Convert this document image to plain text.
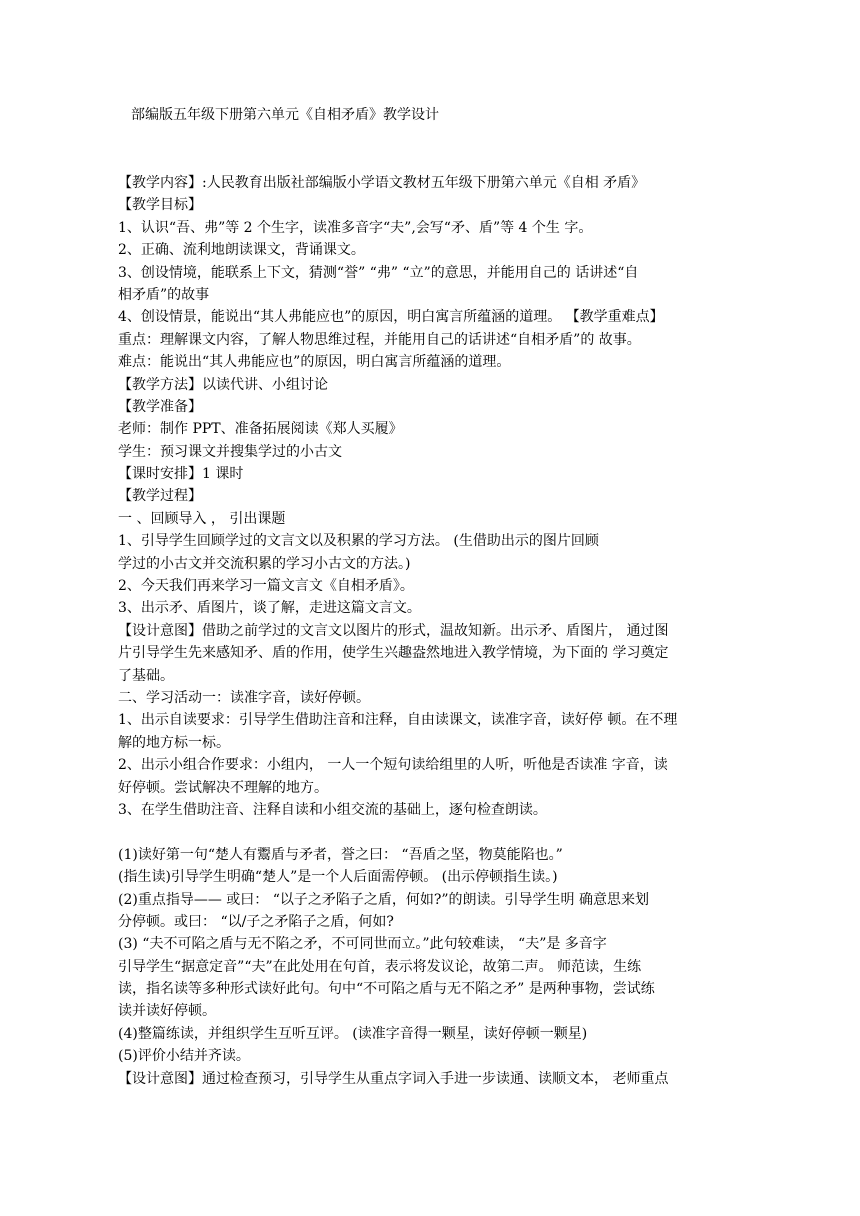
部编版五年级下册第六单元《自相矛盾》教学设计
【教学内容】:人民教育出版社部编版小学语文教材五年级下册第六单元《自相 矛盾》
【教学目标】
1、认识“吾、弗”等 2 个生字，读准多音字“夫”,会写“矛、盾”等 4 个生 字。
2、正确、流利地朗读课文，背诵课文。
3、创设情境，能联系上下文，猜测“誉” “弗” “立”的意思，并能用自己的 话讲述“自
相矛盾”的故事
4、创设情景，能说出“其人弗能应也”的原因，明白寓言所蕴涵的道理。 【教学重难点】
重点：理解课文内容，了解人物思维过程，并能用自己的话讲述“自相矛盾”的 故事。
难点：能说出“其人弗能应也”的原因，明白寓言所蕴涵的道理。
【教学方法】以读代讲、小组讨论
【教学准备】
老师：制作 PPT、准备拓展阅读《郑人买履》
学生：预习课文并搜集学过的小古文
【课时安排】1 课时
【教学过程】
一 、回顾导入 ， 引出课题
1、引导学生回顾学过的文言文以及积累的学习方法。 (生借助出示的图片回顾
学过的小古文并交流积累的学习小古文的方法。)
2、今天我们再来学习一篇文言文《自相矛盾》。
3、出示矛、盾图片，谈了解，走进这篇文言文。
【设计意图】借助之前学过的文言文以图片的形式，温故知新。出示矛、盾图片， 通过图
片引导学生先来感知矛、盾的作用，使学生兴趣盎然地进入教学情境，为下面的 学习奠定
了基础。
二、学习活动一：读准字音，读好停顿。
1、出示自读要求：引导学生借助注音和注释，自由读课文，读准字音，读好停 顿。在不理
解的地方标一标。
2、出示小组合作要求：小组内， 一人一个短句读给组里的人听，听他是否读准 字音，读
好停顿。尝试解决不理解的地方。
3、在学生借助注音、注释自读和小组交流的基础上，逐句检查朗读。
(1)读好第一句“楚人有鬻盾与矛者，誉之曰： “吾盾之坚，物莫能陷也。”
(指生读)引导学生明确“楚人”是一个人后面需停顿。 (出示停顿指生读。)
(2)重点指导—— 或曰： “以子之矛陷子之盾，何如?”的朗读。引导学生明 确意思来划
分停顿。或曰： “以/子之矛陷子之盾，何如?
(3) “夫不可陷之盾与无不陷之矛，不可同世而立。”此句较难读， “夫”是 多音字
引导学生“据意定音”“夫”在此处用在句首，表示将发议论，故第二声。 师范读，生练
读，指名读等多种形式读好此句。句中“不可陷之盾与无不陷之矛” 是两种事物，尝试练
读并读好停顿。
(4)整篇练读，并组织学生互听互评。 (读准字音得一颗星，读好停顿一颗星)
(5)评价小结并齐读。
【设计意图】通过检查预习，引导学生从重点字词入手进一步读通、读顺文本， 老师重点
